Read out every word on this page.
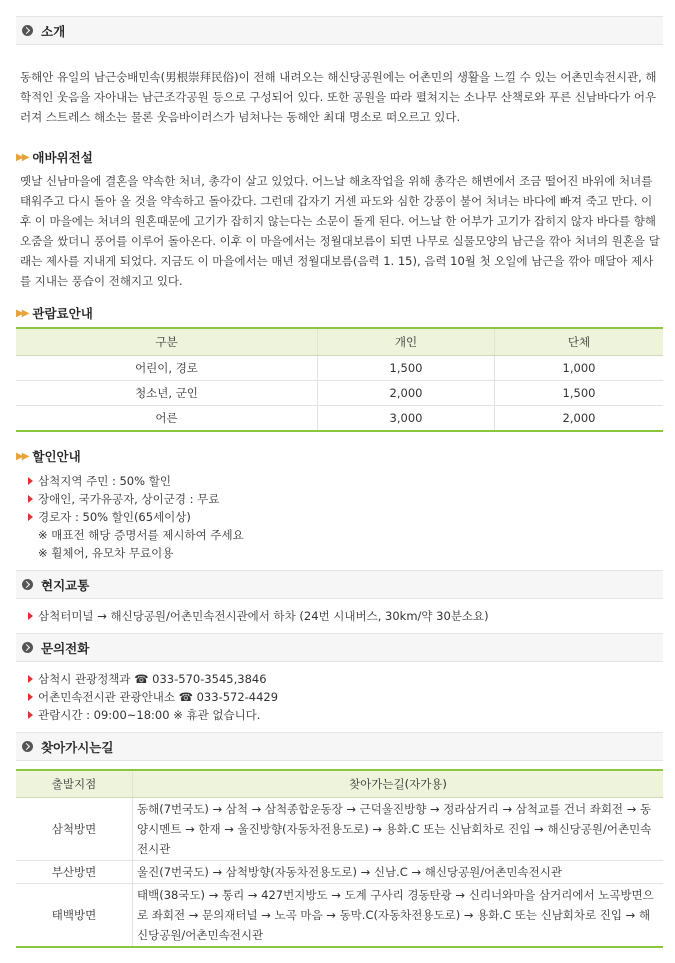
소개

동해안 유일의 남근숭배민속(男根崇拜民俗)이 전해 내려오는 해신당공원에는 어촌민의 생활을 느낄 수 있는 어촌민속전시관, 해학적인 웃음을 자아내는 남근조각공원 등으로 구성되어 있다. 또한 공원을 따라 펼쳐지는 소나무 산책로와 푸른 신남바다가 어우러져 스트레스 해소는 물론 웃음바이러스가 넘쳐나는 동해안 최대 명소로 떠오르고 있다.

▶▶ 애바위전설

옛날 신남마을에 결혼을 약속한 처녀, 총각이 살고 있었다. 어느날 해초작업을 위해 총각은 해변에서 조금 떨어진 바위에 처녀를 태워주고 다시 돌아 올 것을 약속하고 돌아갔다. 그런데 갑자기 거센 파도와 심한 강풍이 불어 처녀는 바다에 빠져 죽고 만다. 이후 이 마을에는 처녀의 원혼때문에 고기가 잡히지 않는다는 소문이 돌게 된다. 어느날 한 어부가 고기가 잡히지 않자 바다를 향해 오줌을 쌌더니 풍어를 이루어 돌아온다. 이후 이 마을에서는 정월대보름이 되면 나무로 실물모양의 남근을 깎아 처녀의 원혼을 달래는 제사를 지내게 되었다. 지금도 이 마을에서는 매년 정월대보름(음력 1. 15), 음력 10월 첫 오일에 남근을 깎아 매달아 제사를 지내는 풍습이 전해지고 있다.

▶▶ 관람료안내
구분	개인	단체
어린이, 경로	1,500	1,000
청소년, 군인	2,000	1,500
어른	3,000	2,000
▶▶ 할인안내
삼척지역 주민 : 50% 할인
장애인, 국가유공자, 상이군경 : 무료
경로자 : 50% 할인(65세이상)
※ 매표전 해당 증명서를 제시하여 주세요
※ 휠체어, 유모차 무료이용
현지교통
삼척터미널 → 해신당공원/어촌민속전시관에서 하차 (24번 시내버스, 30km/약 30분소요)
문의전화
삼척시 관광정책과 ☎ 033-570-3545,3846
어촌민속전시관 관광안내소 ☎ 033-572-4429
관람시간 : 09:00~18:00 ※ 휴관 없습니다.
찾아가시는길
출발지점	찾아가는길(자가용)
삼척방면	동해(7번국도) → 삼척 → 삼척종합운동장 → 근덕울진방향 → 정라삼거리 → 삼척교를 건너 좌회전 → 동양시멘트 → 한재 → 울진방향(자동차전용도로) → 용화.C 또는 신남회차로 진입 → 해신당공원/어촌민속전시관
부산방면	울진(7번국도) → 삼척방향(자동차전용도로) → 신남.C → 해신당공원/어촌민속전시관
태백방면	태백(38국도) → 통리 → 427번지방도 → 도계 구사리 경동탄광 → 신리너와마을 삼거리에서 노곡방면으로 좌회전 → 문의재터널 → 노곡 마음 → 동막.C(자동차전용도로) → 용화.C 또는 신남회차로 진입 → 해신당공원/어촌민속전시관
